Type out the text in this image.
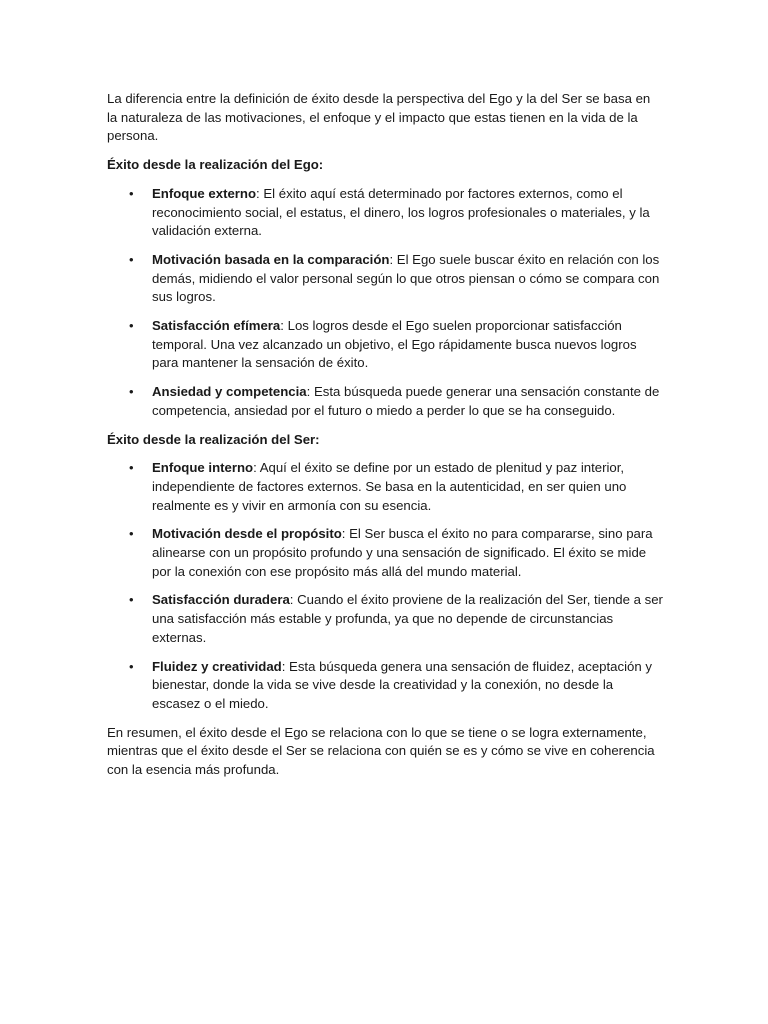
La diferencia entre la definición de éxito desde la perspectiva del Ego y la del Ser se basa en la naturaleza de las motivaciones, el enfoque y el impacto que estas tienen en la vida de la persona.

Éxito desde la realización del Ego:

• Enfoque externo: El éxito aquí está determinado por factores externos, como el reconocimiento social, el estatus, el dinero, los logros profesionales o materiales, y la validación externa.
• Motivación basada en la comparación: El Ego suele buscar éxito en relación con los demás, midiendo el valor personal según lo que otros piensan o cómo se compara con sus logros.
• Satisfacción efímera: Los logros desde el Ego suelen proporcionar satisfacción temporal. Una vez alcanzado un objetivo, el Ego rápidamente busca nuevos logros para mantener la sensación de éxito.
• Ansiedad y competencia: Esta búsqueda puede generar una sensación constante de competencia, ansiedad por el futuro o miedo a perder lo que se ha conseguido.

Éxito desde la realización del Ser:

• Enfoque interno: Aquí el éxito se define por un estado de plenitud y paz interior, independiente de factores externos. Se basa en la autenticidad, en ser quien uno realmente es y vivir en armonía con su esencia.
• Motivación desde el propósito: El Ser busca el éxito no para compararse, sino para alinearse con un propósito profundo y una sensación de significado. El éxito se mide por la conexión con ese propósito más allá del mundo material.
• Satisfacción duradera: Cuando el éxito proviene de la realización del Ser, tiende a ser una satisfacción más estable y profunda, ya que no depende de circunstancias externas.
• Fluidez y creatividad: Esta búsqueda genera una sensación de fluidez, aceptación y bienestar, donde la vida se vive desde la creatividad y la conexión, no desde la escasez o el miedo.

En resumen, el éxito desde el Ego se relaciona con lo que se tiene o se logra externamente, mientras que el éxito desde el Ser se relaciona con quién se es y cómo se vive en coherencia con la esencia más profunda.
